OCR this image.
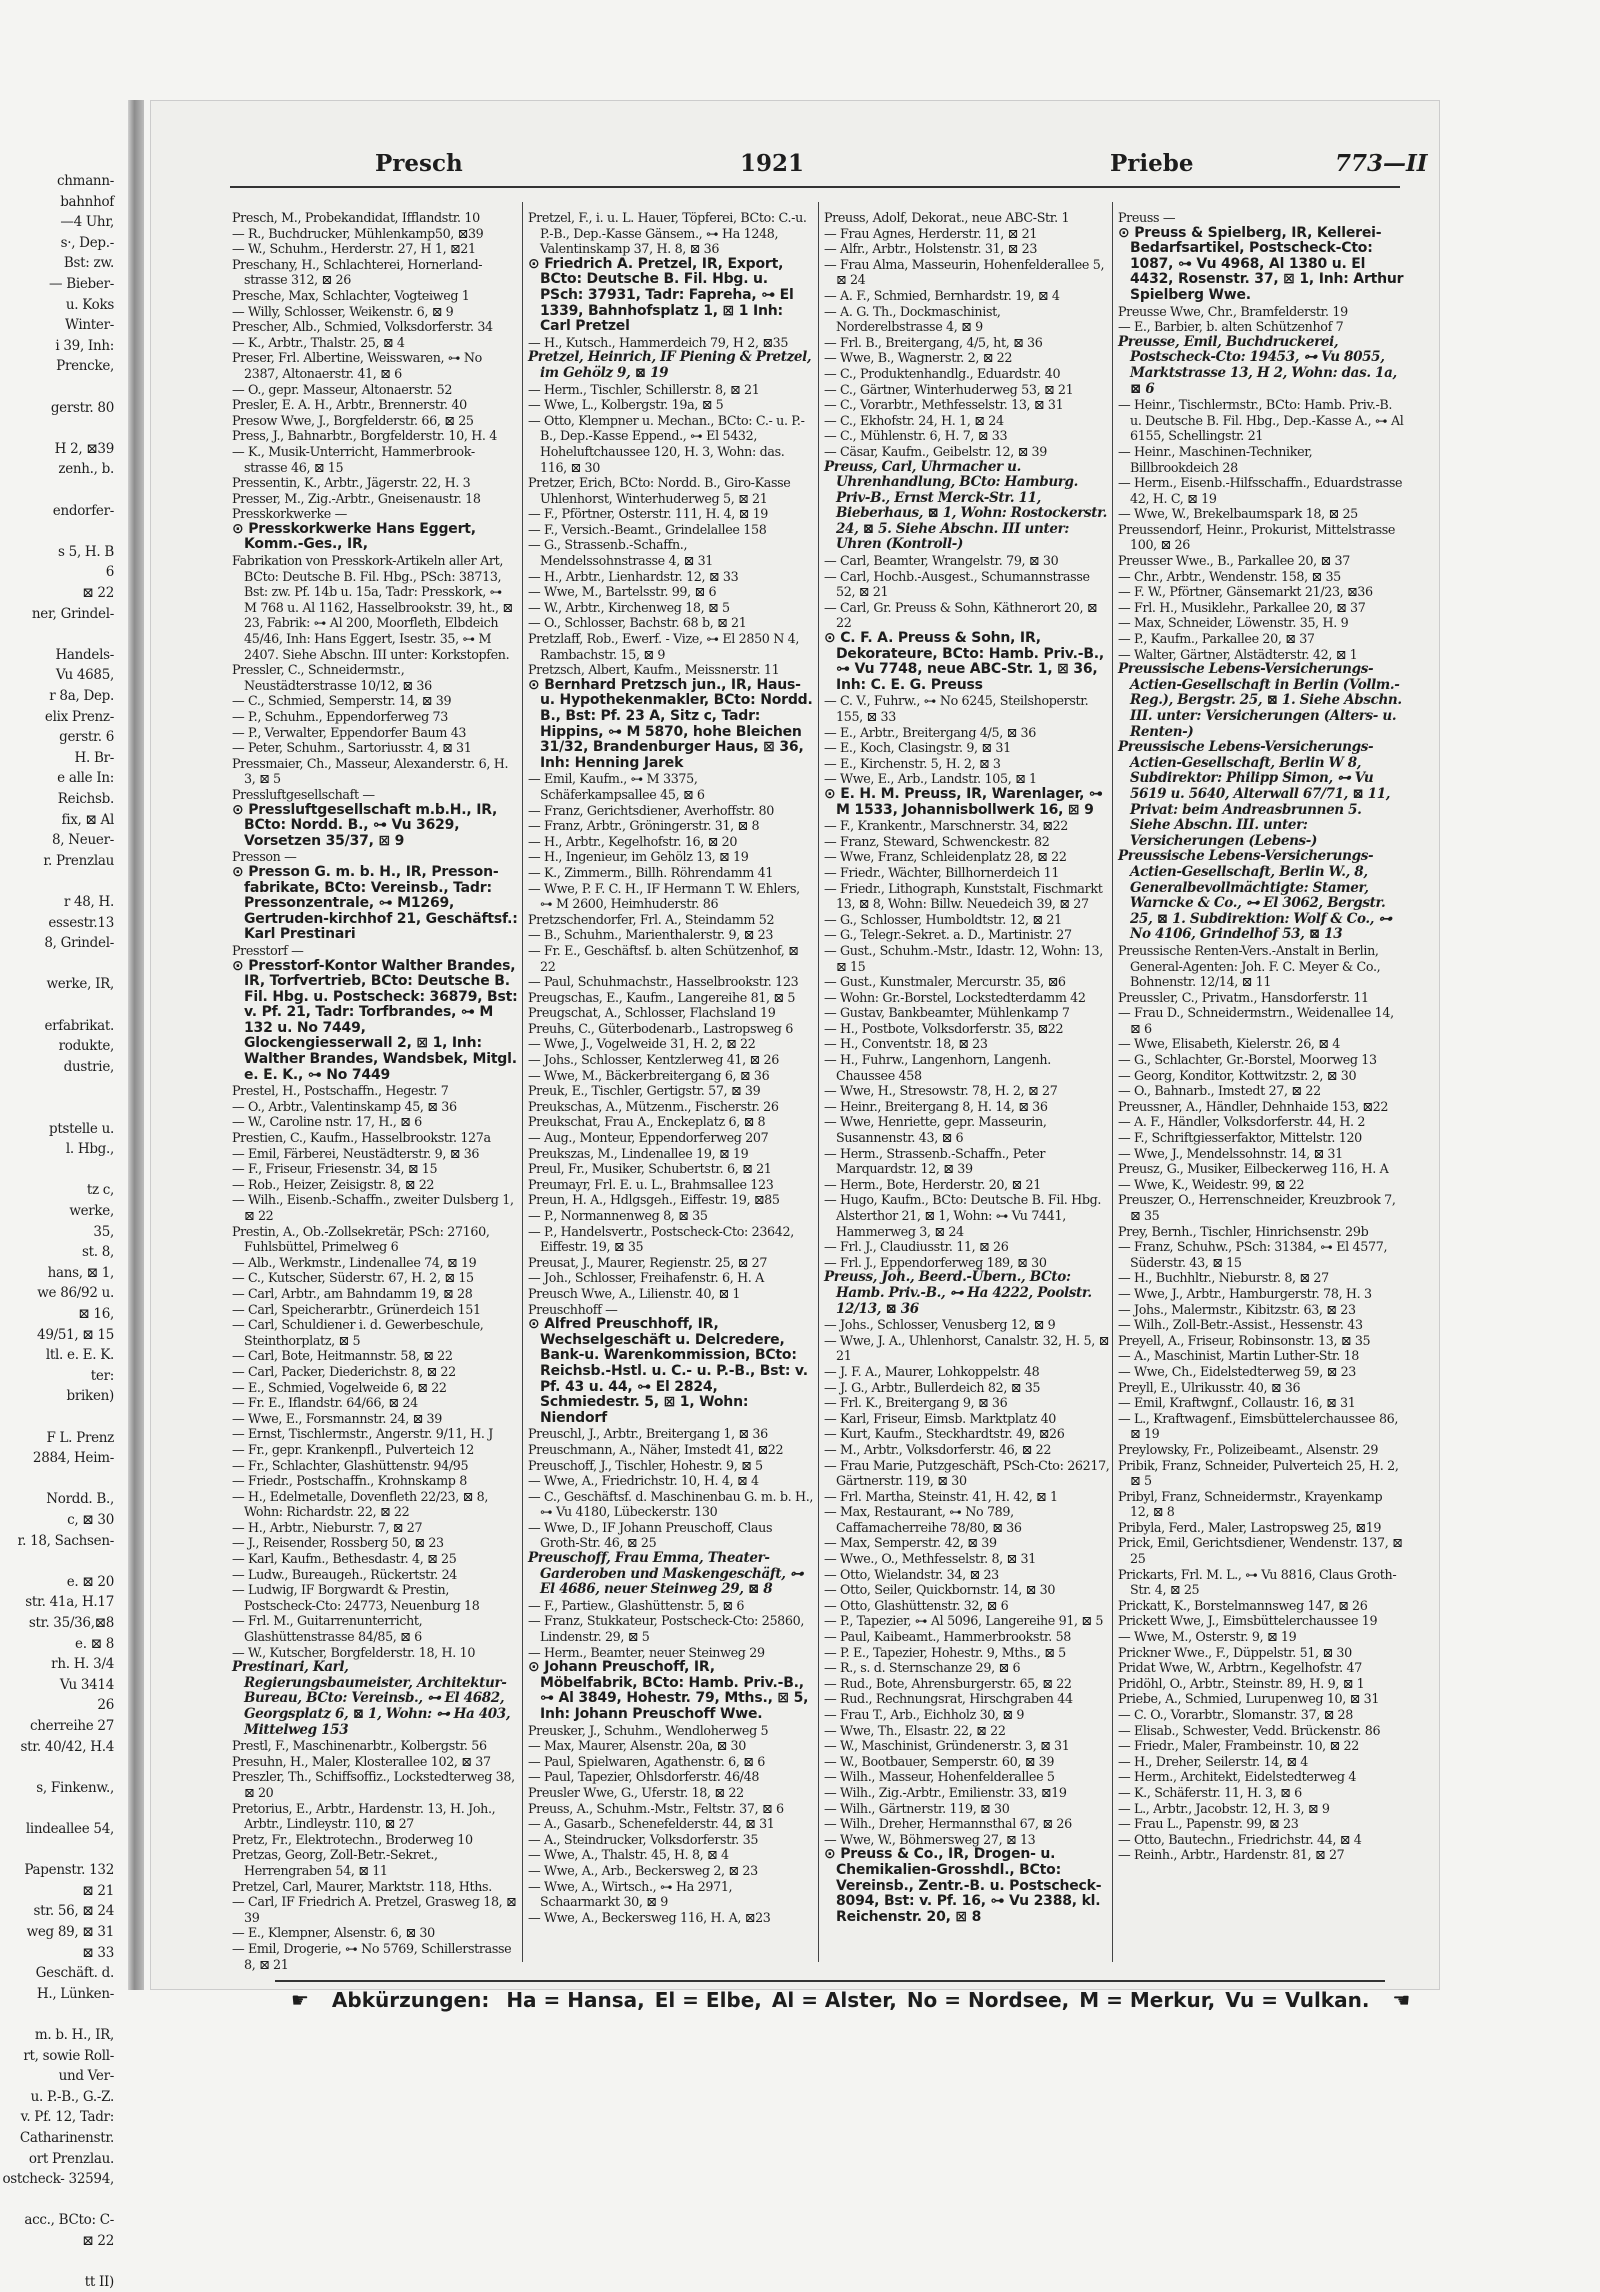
chmann-
bahnhof
—4 Uhr,
s·, Dep.-
Bst: zw.
— Bieber-
u. Koks
Winter-
i 39, Inh:
Prencke,
gerstr. 80
H 2, ⊠39
zenh., b.
endorfer-
s 5, H. B
6
⊠ 22
ner, Grindel-
Handels-
Vu 4685,
r 8a, Dep.
elix Prenz-
gerstr. 6
H. Br-
e alle In:
Reichsb.
fix, ⊠ Al
8, Neuer-
r. Prenzlau
r 48, H.
essestr.13
8, Grindel-
werke, IR,
erfabrikat.
rodukte,
dustrie,
ptstelle u.
l. Hbg.,
tz c,
werke,
35,
st. 8,
hans, ⊠ 1,
we 86/92 u.
⊠ 16,
49/51, ⊠ 15
ltl. e. E. K.
ter:
briken)
F L. Prenz
2884, Heim-
Nordd. B.,
c, ⊠ 30
r. 18, Sachsen-
e. ⊠ 20
str. 41a, H.17
str. 35/36,⊠8
e. ⊠ 8
rh. H. 3/4
Vu 3414
26
cherreihe 27
str. 40/42, H.4
s, Finkenw.,
lindeallee 54,
Papenstr. 132
⊠ 21
str. 56, ⊠ 24
weg 89, ⊠ 31
⊠ 33
Geschäft. d.
H., Lünken-
m. b. H., IR,
rt, sowie Roll-
und Ver-
u. P.-B., G.-Z.
v. Pf. 12, Tadr:
Catharinenstr.
ort Prenzlau.
ostcheck- 32594,
acc., BCto: C-
⊠ 22
tt II)
Presch	1921	Priebe	773—II
Presch, M., Probekandidat, Ifflandstr. 10
— R., Buchdrucker, Mühlenkamp50, ⊠39
— W., Schuhm., Herderstr. 27, H 1, ⊠21
Preschany, H., Schlachterei, Hornerland-strasse 312, ⊠ 26
Presche, Max, Schlachter, Vogteiweg 1
— Willy, Schlosser, Weikenstr. 6, ⊠ 9
Prescher, Alb., Schmied, Volksdorferstr. 34
— K., Arbtr., Thalstr. 25, ⊠ 4
Preser, Frl. Albertine, Weisswaren, ⊶ No 2387, Altonaerstr. 41, ⊠ 6
— O., gepr. Masseur, Altonaerstr. 52
Presler, E. A. H., Arbtr., Brennerstr. 40
Presow Wwe, J., Borgfelderstr. 66, ⊠ 25
Press, J., Bahnarbtr., Borgfelderstr. 10, H. 4
— K., Musik-Unterricht, Hammerbrook-strasse 46, ⊠ 15
Pressentin, K., Arbtr., Jägerstr. 22, H. 3
Presser, M., Zig.-Arbtr., Gneisenaustr. 18
Presskorkwerke —
⊙ Presskorkwerke Hans Eggert, Komm.-Ges., IR,
Fabrikation von Presskork-Artikeln aller Art, BCto: Deutsche B. Fil. Hbg., PSch: 38713, Bst: zw. Pf. 14b u. 15a, Tadr: Presskork, ⊶ M 768 u. Al 1162, Hasselbrookstr. 39, ht., ⊠ 23, Fabrik: ⊶ Al 200, Moorfleth, Elbdeich 45/46, Inh: Hans Eggert, Isestr. 35, ⊶ M 2407. Siehe Abschn. III unter: Korkstopfen.
Pressler, C., Schneidermstr., Neustädterstrasse 10/12, ⊠ 36
— C., Schmied, Semperstr. 14, ⊠ 39
— P., Schuhm., Eppendorferweg 73
— P., Verwalter, Eppendorfer Baum 43
— Peter, Schuhm., Sartoriusstr. 4, ⊠ 31
Pressmaier, Ch., Masseur, Alexanderstr. 6, H. 3, ⊠ 5
Pressluftgesellschaft —
⊙ Pressluftgesellschaft m.b.H., IR, BCto: Nordd. B., ⊶ Vu 3629, Vorsetzen 35/37, ⊠ 9
Presson —
⊙ Presson G. m. b. H., IR, Presson-fabrikate, BCto: Vereinsb., Tadr: Pressonzentrale, ⊶ M1269, Gertruden-kirchhof 21, Geschäftsf.: Karl Prestinari
Presstorf —
⊙ Presstorf-Kontor Walther Brandes, IR, Torfvertrieb, BCto: Deutsche B. Fil. Hbg. u. Postscheck: 36879, Bst: v. Pf. 21, Tadr: Torfbrandes, ⊶ M 132 u. No 7449, Glockengiesserwall 2, ⊠ 1, Inh: Walther Brandes, Wandsbek, Mitgl. e. E. K., ⊶ No 7449
Prestel, H., Postschaffn., Hegestr. 7
— O., Arbtr., Valentinskamp 45, ⊠ 36
— W., Caroline nstr. 17, H., ⊠ 6
Prestien, C., Kaufm., Hasselbrookstr. 127a
— Emil, Färberei, Neustädterstr. 9, ⊠ 36
— F., Friseur, Friesenstr. 34, ⊠ 15
— Rob., Heizer, Zeisigstr. 8, ⊠ 22
— Wilh., Eisenb.-Schaffn., zweiter Dulsberg 1, ⊠ 22
Prestin, A., Ob.-Zollsekretär, PSch: 27160, Fuhlsbüttel, Primelweg 6
— Alb., Werkmstr., Lindenallee 74, ⊠ 19
— C., Kutscher, Süderstr. 67, H. 2, ⊠ 15
— Carl, Arbtr., am Bahndamm 19, ⊠ 28
— Carl, Speicherarbtr., Grünerdeich 151
— Carl, Schuldiener i. d. Gewerbeschule, Steinthorplatz, ⊠ 5
— Carl, Bote, Heitmannstr. 58, ⊠ 22
— Carl, Packer, Diederichstr. 8, ⊠ 22
— E., Schmied, Vogelweide 6, ⊠ 22
— Fr. E., Iflandstr. 64/66, ⊠ 24
— Wwe, E., Forsmannstr. 24, ⊠ 39
— Ernst, Tischlermstr., Angerstr. 9/11, H. J
— Fr., gepr. Krankenpfl., Pulverteich 12
— Fr., Schlachter, Glashüttenstr. 94/95
— Friedr., Postschaffn., Krohnskamp 8
— H., Edelmetalle, Dovenfleth 22/23, ⊠ 8, Wohn: Richardstr. 22, ⊠ 22
— H., Arbtr., Nieburstr. 7, ⊠ 27
— J., Reisender, Rossberg 50, ⊠ 23
— Karl, Kaufm., Bethesdastr. 4, ⊠ 25
— Ludw., Bureaugeh., Rückertstr. 24
— Ludwig, IF Borgwardt & Prestin, Postscheck-Cto: 24773, Neuenburg 18
— Frl. M., Guitarrenunterricht, Glashüttenstrasse 84/85, ⊠ 6
— W., Kutscher, Borgfelderstr. 18, H. 10
Prestinari, Karl, Regierungsbaumeister, Architektur-Bureau, BCto: Vereinsb., ⊶ El 4682, Georgsplatz 6, ⊠ 1, Wohn: ⊶ Ha 403, Mittelweg 153
Prestl, F., Maschinenarbtr., Kolbergstr. 56
Presuhn, H., Maler, Klosterallee 102, ⊠ 37
Preszler, Th., Schiffsoffiz., Lockstedterweg 38, ⊠ 20
Pretorius, E., Arbtr., Hardenstr. 13, H. Joh., Arbtr., Lindleystr. 110, ⊠ 27
Pretz, Fr., Elektrotechn., Broderweg 10
Pretzas, Georg, Zoll-Betr.-Sekret., Herrengraben 54, ⊠ 11
Pretzel, Carl, Maurer, Marktstr. 118, Hths.
— Carl, IF Friedrich A. Pretzel, Grasweg 18, ⊠ 39
— E., Klempner, Alsenstr. 6, ⊠ 30
— Emil, Drogerie, ⊶ No 5769, Schillerstrasse 8, ⊠ 21
Pretzel, F., i. u. L. Hauer, Töpferei, BCto: C.-u. P.-B., Dep.-Kasse Gänsem., ⊶ Ha 1248, Valentinskamp 37, H. 8, ⊠ 36
⊙ Friedrich A. Pretzel, IR, Export, BCto: Deutsche B. Fil. Hbg. u. PSch: 37931, Tadr: Fapreha, ⊶ El 1339, Bahnhofsplatz 1, ⊠ 1 Inh: Carl Pretzel
— H., Kutsch., Hammerdeich 79, H 2, ⊠35
Pretzel, Heinrich, IF Piening & Pretzel, im Gehölz 9, ⊠ 19
— Herm., Tischler, Schillerstr. 8, ⊠ 21
— Wwe, L., Kolbergstr. 19a, ⊠ 5
— Otto, Klempner u. Mechan., BCto: C.- u. P.-B., Dep.-Kasse Eppend., ⊶ El 5432, Hoheluftchaussee 120, H. 3, Wohn: das. 116, ⊠ 30
Pretzer, Erich, BCto: Nordd. B., Giro-Kasse Uhlenhorst, Winterhuderweg 5, ⊠ 21
— F., Pförtner, Osterstr. 111, H. 4, ⊠ 19
— F., Versich.-Beamt., Grindelallee 158
— G., Strassenb.-Schaffn., Mendelssohnstrasse 4, ⊠ 31
— H., Arbtr., Lienhardstr. 12, ⊠ 33
— Wwe, M., Bartelsstr. 99, ⊠ 6
— W., Arbtr., Kirchenweg 18, ⊠ 5
— O., Schlosser, Bachstr. 68 b, ⊠ 21
Pretzlaff, Rob., Ewerf. - Vize, ⊶ El 2850 N 4, Rambachstr. 15, ⊠ 9
Pretzsch, Albert, Kaufm., Meissnerstr. 11
⊙ Bernhard Pretzsch jun., IR, Haus- u. Hypothekenmakler, BCto: Nordd. B., Bst: Pf. 23 A, Sitz c, Tadr: Hippins, ⊶ M 5870, hohe Bleichen 31/32, Brandenburger Haus, ⊠ 36, Inh: Henning Jarek
— Emil, Kaufm., ⊶ M 3375, Schäferkampsallee 45, ⊠ 6
— Franz, Gerichtsdiener, Averhoffstr. 80
— Franz, Arbtr., Gröningerstr. 31, ⊠ 8
— H., Arbtr., Kegelhofstr. 16, ⊠ 20
— H., Ingenieur, im Gehölz 13, ⊠ 19
— K., Zimmerm., Billh. Röhrendamm 41
— Wwe, P. F. C. H., IF Hermann T. W. Ehlers, ⊶ M 2600, Heimhuderstr. 86
Pretzschendorfer, Frl. A., Steindamm 52
— B., Schuhm., Marienthalerstr. 9, ⊠ 23
— Fr. E., Geschäftsf. b. alten Schützenhof, ⊠ 22
— Paul, Schuhmachstr., Hasselbrookstr. 123
Preugschas, E., Kaufm., Langereihe 81, ⊠ 5
Preugschat, A., Schlosser, Flachsland 19
Preuhs, C., Güterbodenarb., Lastropsweg 6
— Wwe, J., Vogelweide 31, H. 2, ⊠ 22
— Johs., Schlosser, Kentzlerweg 41, ⊠ 26
— Wwe, M., Bäckerbreitergang 6, ⊠ 36
Preuk, E., Tischler, Gertigstr. 57, ⊠ 39
Preukschas, A., Mützenm., Fischerstr. 26
Preukschat, Frau A., Enckeplatz 6, ⊠ 8
— Aug., Monteur, Eppendorferweg 207
Preukszas, M., Lindenallee 19, ⊠ 19
Preul, Fr., Musiker, Schubertstr. 6, ⊠ 21
Preumayr, Frl. E. u. L., Brahmsallee 123
Preun, H. A., Hdlgsgeh., Eiffestr. 19, ⊠85
— P., Normannenweg 8, ⊠ 35
— P., Handelsvertr., Postscheck-Cto: 23642, Eiffestr. 19, ⊠ 35
Preusat, J., Maurer, Regienstr. 25, ⊠ 27
— Joh., Schlosser, Freihafenstr. 6, H. A
Preusch Wwe, A., Lilienstr. 40, ⊠ 1
Preuschhoff —
⊙ Alfred Preuschhoff, IR, Wechselgeschäft u. Delcredere, Bank-u. Warenkommission, BCto: Reichsb.-Hstl. u. C.- u. P.-B., Bst: v. Pf. 43 u. 44, ⊶ El 2824, Schmiedestr. 5, ⊠ 1, Wohn: Niendorf
Preuschl, J., Arbtr., Breitergang 1, ⊠ 36
Preuschmann, A., Näher, Imstedt 41, ⊠22
Preuschoff, J., Tischler, Hohestr. 9, ⊠ 5
— Wwe, A., Friedrichstr. 10, H. 4, ⊠ 4
— C., Geschäftsf. d. Maschinenbau G. m. b. H., ⊶ Vu 4180, Lübeckerstr. 130
— Wwe, D., IF Johann Preuschoff, Claus Groth-Str. 46, ⊠ 25
Preuschoff, Frau Emma, Theater-Garderoben und Maskengeschäft, ⊶ El 4686, neuer Steinweg 29, ⊠ 8
— F., Partiew., Glashüttenstr. 5, ⊠ 6
— Franz, Stukkateur, Postscheck-Cto: 25860, Lindenstr. 29, ⊠ 5
— Herm., Beamter, neuer Steinweg 29
⊙ Johann Preuschoff, IR, Möbelfabrik, BCto: Hamb. Priv.-B., ⊶ Al 3849, Hohestr. 79, Mths., ⊠ 5, Inh: Johann Preuschoff Wwe.
Preusker, J., Schuhm., Wendloherweg 5
— Max, Maurer, Alsenstr. 20a, ⊠ 30
— Paul, Spielwaren, Agathenstr. 6, ⊠ 6
— Paul, Tapezier, Ohlsdorferstr. 46/48
Preusler Wwe, G., Uferstr. 18, ⊠ 22
Preuss, A., Schuhm.-Mstr., Feltstr. 37, ⊠ 6
— A., Gasarb., Schenefelderstr. 44, ⊠ 31
— A., Steindrucker, Volksdorferstr. 35
— Wwe, A., Thalstr. 45, H. 8, ⊠ 4
— Wwe, A., Arb., Beckersweg 2, ⊠ 23
— Wwe, A., Wirtsch., ⊶ Ha 2971, Schaarmarkt 30, ⊠ 9
— Wwe, A., Beckersweg 116, H. A, ⊠23
Preuss, Adolf, Dekorat., neue ABC-Str. 1
— Frau Agnes, Herderstr. 11, ⊠ 21
— Alfr., Arbtr., Holstenstr. 31, ⊠ 23
— Frau Alma, Masseurin, Hohenfelderallee 5, ⊠ 24
— A. F., Schmied, Bernhardstr. 19, ⊠ 4
— A. G. Th., Dockmaschinist, Norderelbstrasse 4, ⊠ 9
— Frl. B., Breitergang, 4/5, ht, ⊠ 36
— Wwe, B., Wagnerstr. 2, ⊠ 22
— C., Produktenhandlg., Eduardstr. 40
— C., Gärtner, Winterhuderweg 53, ⊠ 21
— C., Vorarbtr., Methfesselstr. 13, ⊠ 31
— C., Ekhofstr. 24, H. 1, ⊠ 24
— C., Mühlenstr. 6, H. 7, ⊠ 33
— Cäsar, Kaufm., Geibelstr. 12, ⊠ 39
Preuss, Carl, Uhrmacher u. Uhrenhandlung, BCto: Hamburg. Priv-B., Ernst Merck-Str. 11, Bieberhaus, ⊠ 1, Wohn: Rostockerstr. 24, ⊠ 5. Siehe Abschn. III unter: Uhren (Kontroll-)
— Carl, Beamter, Wrangelstr. 79, ⊠ 30
— Carl, Hochb.-Ausgest., Schumannstrasse 52, ⊠ 21
— Carl, Gr. Preuss & Sohn, Käthnerort 20, ⊠ 22
⊙ C. F. A. Preuss & Sohn, IR, Dekorateure, BCto: Hamb. Priv.-B., ⊶ Vu 7748, neue ABC-Str. 1, ⊠ 36, Inh: C. E. G. Preuss
— C. V., Fuhrw., ⊶ No 6245, Steilshoperstr. 155, ⊠ 33
— E., Arbtr., Breitergang 4/5, ⊠ 36
— E., Koch, Clasingstr. 9, ⊠ 31
— E., Kirchenstr. 5, H. 2, ⊠ 3
— Wwe, E., Arb., Landstr. 105, ⊠ 1
⊙ E. H. M. Preuss, IR, Warenlager, ⊶ M 1533, Johannisbollwerk 16, ⊠ 9
— F., Krankentr., Marschnerstr. 34, ⊠22
— Franz, Steward, Schwenckestr. 82
— Wwe, Franz, Schleidenplatz 28, ⊠ 22
— Friedr., Wächter, Billhornerdeich 11
— Friedr., Lithograph, Kunststalt, Fischmarkt 13, ⊠ 8, Wohn: Billw. Neuedeich 39, ⊠ 27
— G., Schlosser, Humboldtstr. 12, ⊠ 21
— G., Telegr.-Sekret. a. D., Martinistr. 27
— Gust., Schuhm.-Mstr., Idastr. 12, Wohn: 13, ⊠ 15
— Gust., Kunstmaler, Mercurstr. 35, ⊠6
— Wohn: Gr.-Borstel, Lockstedterdamm 42
— Gustav, Bankbeamter, Mühlenkamp 7
— H., Postbote, Volksdorferstr. 35, ⊠22
— H., Conventstr. 18, ⊠ 23
— H., Fuhrw., Langenhorn, Langenh. Chaussee 458
— Wwe, H., Stresowstr. 78, H. 2, ⊠ 27
— Heinr., Breitergang 8, H. 14, ⊠ 36
— Wwe, Henriette, gepr. Masseurin, Susannenstr. 43, ⊠ 6
— Herm., Strassenb.-Schaffn., Peter Marquardstr. 12, ⊠ 39
— Herm., Bote, Herderstr. 20, ⊠ 21
— Hugo, Kaufm., BCto: Deutsche B. Fil. Hbg. Alsterthor 21, ⊠ 1, Wohn: ⊶ Vu 7441, Hammerweg 3, ⊠ 24
— Frl. J., Claudiusstr. 11, ⊠ 26
— Frl. J., Eppendorferweg 189, ⊠ 30
Preuss, Joh., Beerd.-Übern., BCto: Hamb. Priv.-B., ⊶ Ha 4222, Poolstr. 12/13, ⊠ 36
— Johs., Schlosser, Venusberg 12, ⊠ 9
— Wwe, J. A., Uhlenhorst, Canalstr. 32, H. 5, ⊠ 21
— J. F. A., Maurer, Lohkoppelstr. 48
— J. G., Arbtr., Bullerdeich 82, ⊠ 35
— Frl. K., Breitergang 9, ⊠ 36
— Karl, Friseur, Eimsb. Marktplatz 40
— Kurt, Kaufm., Steckhardtstr. 49, ⊠26
— M., Arbtr., Volksdorferstr. 46, ⊠ 22
— Frau Marie, Putzgeschäft, PSch-Cto: 26217, Gärtnerstr. 119, ⊠ 30
— Frl. Martha, Steinstr. 41, H. 42, ⊠ 1
— Max, Restaurant, ⊶ No 789, Caffamacherreihe 78/80, ⊠ 36
— Max, Semperstr. 42, ⊠ 39
— Wwe., O., Methfesselstr. 8, ⊠ 31
— Otto, Wielandstr. 34, ⊠ 23
— Otto, Seiler, Quickbornstr. 14, ⊠ 30
— Otto, Glashüttenstr. 32, ⊠ 6
— P., Tapezier, ⊶ Al 5096, Langereihe 91, ⊠ 5
— Paul, Kaibeamt., Hammerbrookstr. 58
— P. E., Tapezier, Hohestr. 9, Mths., ⊠ 5
— R., s. d. Sternschanze 29, ⊠ 6
— Rud., Bote, Ahrensburgerstr. 65, ⊠ 22
— Rud., Rechnungsrat, Hirschgraben 44
— Frau T., Arb., Eichholz 30, ⊠ 9
— Wwe, Th., Elsastr. 22, ⊠ 22
— W., Maschinist, Gründenerstr. 3, ⊠ 31
— W., Bootbauer, Semperstr. 60, ⊠ 39
— Wilh., Masseur, Hohenfelderallee 5
— Wilh., Zig.-Arbtr., Emilienstr. 33, ⊠19
— Wilh., Gärtnerstr. 119, ⊠ 30
— Wilh., Dreher, Hermannsthal 67, ⊠ 26
— Wwe, W., Böhmersweg 27, ⊠ 13
⊙ Preuss & Co., IR, Drogen- u. Chemikalien-Grosshdl., BCto: Vereinsb., Zentr.-B. u. Postscheck- 8094, Bst: v. Pf. 16, ⊶ Vu 2388, kl. Reichenstr. 20, ⊠ 8
Preuss —
⊙ Preuss & Spielberg, IR, Kellerei-Bedarfsartikel, Postscheck-Cto: 1087, ⊶ Vu 4968, Al 1380 u. El 4432, Rosenstr. 37, ⊠ 1, Inh: Arthur Spielberg Wwe.
Preusse Wwe, Chr., Bramfelderstr. 19
— E., Barbier, b. alten Schützenhof 7
Preusse, Emil, Buchdruckerei, Postscheck-Cto: 19453, ⊶ Vu 8055, Marktstrasse 13, H 2, Wohn: das. 1a, ⊠ 6
— Heinr., Tischlermstr., BCto: Hamb. Priv.-B. u. Deutsche B. Fil. Hbg., Dep.-Kasse A., ⊶ Al 6155, Schellingstr. 21
— Heinr., Maschinen-Techniker, Billbrookdeich 28
— Herm., Eisenb.-Hilfsschaffn., Eduardstrasse 42, H. C, ⊠ 19
— Wwe, W., Brekelbaumspark 18, ⊠ 25
Preussendorf, Heinr., Prokurist, Mittelstrasse 100, ⊠ 26
Preusser Wwe., B., Parkallee 20, ⊠ 37
— Chr., Arbtr., Wendenstr. 158, ⊠ 35
— F. W., Pförtner, Gänsemarkt 21/23, ⊠36
— Frl. H., Musiklehr., Parkallee 20, ⊠ 37
— Max, Schneider, Löwenstr. 35, H. 9
— P., Kaufm., Parkallee 20, ⊠ 37
— Walter, Gärtner, Alstädterstr. 42, ⊠ 1
Preussische Lebens-Versicherungs-Actien-Gesellschaft in Berlin (Vollm.-Reg.), Bergstr. 25, ⊠ 1. Siehe Abschn. III. unter: Versicherungen (Alters- u. Renten-)
Preussische Lebens-Versicherungs-Actien-Gesellschaft, Berlin W 8, Subdirektor: Philipp Simon, ⊶ Vu 5619 u. 5640, Alterwall 67/71, ⊠ 11, Privat: beim Andreasbrunnen 5. Siehe Abschn. III. unter: Versicherungen (Lebens-)
Preussische Lebens-Versicherungs-Actien-Gesellschaft, Berlin W., 8, Generalbevollmächtigte: Stamer, Warncke & Co., ⊶ El 3062, Bergstr. 25, ⊠ 1. Subdirektion: Wolf & Co., ⊶ No 4106, Grindelhof 53, ⊠ 13
Preussische Renten-Vers.-Anstalt in Berlin, General-Agenten: Joh. F. C. Meyer & Co., Bohnenstr. 12/14, ⊠ 11
Preussler, C., Privatm., Hansdorferstr. 11
— Frau D., Schneidermstrn., Weidenallee 14, ⊠ 6
— Wwe, Elisabeth, Kielerstr. 26, ⊠ 4
— G., Schlachter, Gr.-Borstel, Moorweg 13
— Georg, Konditor, Kottwitzstr. 2, ⊠ 30
— O., Bahnarb., Imstedt 27, ⊠ 22
Preussner, A., Händler, Dehnhaide 153, ⊠22
— A. F., Händler, Volksdorferstr. 44, H. 2
— F., Schriftgiesserfaktor, Mittelstr. 120
— Wwe, J., Mendelssohnstr. 14, ⊠ 31
Preusz, G., Musiker, Eilbeckerweg 116, H. A
— Wwe, K., Weidestr. 99, ⊠ 22
Preuszer, O., Herrenschneider, Kreuzbrook 7, ⊠ 35
Prey, Bernh., Tischler, Hinrichsenstr. 29b
— Franz, Schuhw., PSch: 31384, ⊶ El 4577, Süderstr. 43, ⊠ 15
— H., Buchhltr., Nieburstr. 8, ⊠ 27
— Wwe, J., Arbtr., Hamburgerstr. 78, H. 3
— Johs., Malermstr., Kibitzstr. 63, ⊠ 23
— Wilh., Zoll-Betr.-Assist., Hessenstr. 43
Preyell, A., Friseur, Robinsonstr. 13, ⊠ 35
— A., Maschinist, Martin Luther-Str. 18
— Wwe, Ch., Eidelstedterweg 59, ⊠ 23
Preyll, E., Ulrikusstr. 40, ⊠ 36
— Emil, Kraftwgnf., Collaustr. 16, ⊠ 31
— L., Kraftwagenf., Eimsbüttelerchaussee 86, ⊠ 19
Preylowsky, Fr., Polizeibeamt., Alsenstr. 29
Pribik, Franz, Schneider, Pulverteich 25, H. 2, ⊠ 5
Pribyl, Franz, Schneidermstr., Krayenkamp 12, ⊠ 8
Pribyla, Ferd., Maler, Lastropsweg 25, ⊠19
Prick, Emil, Gerichtsdiener, Wendenstr. 137, ⊠ 25
Prickarts, Frl. M. L., ⊶ Vu 8816, Claus Groth-Str. 4, ⊠ 25
Prickatt, K., Borstelmannsweg 147, ⊠ 26
Prickett Wwe, J., Eimsbüttelerchaussee 19
— Wwe, M., Osterstr. 9, ⊠ 19
Prickner Wwe., F., Düppelstr. 51, ⊠ 30
Pridat Wwe, W., Arbtrn., Kegelhofstr. 47
Pridöhl, O., Arbtr., Steinstr. 89, H. 9, ⊠ 1
Priebe, A., Schmied, Lurupenweg 10, ⊠ 31
— C. O., Vorarbtr., Slomanstr. 37, ⊠ 28
— Elisab., Schwester, Vedd. Brückenstr. 86
— Friedr., Maler, Frambeinstr. 10, ⊠ 22
— H., Dreher, Seilerstr. 14, ⊠ 4
— Herm., Architekt, Eidelstedterweg 4
— K., Schäferstr. 11, H. 3, ⊠ 6
— L., Arbtr., Jacobstr. 12, H. 3, ⊠ 9
— Frau L., Papenstr. 99, ⊠ 23
— Otto, Bautechn., Friedrichstr. 44, ⊠ 4
— Reinh., Arbtr., Hardenstr. 81, ⊠ 27
☛ Abkürzungen: Ha = Hansa, El = Elbe, Al = Alster, No = Nordsee, M = Merkur, Vu = Vulkan. ☚
